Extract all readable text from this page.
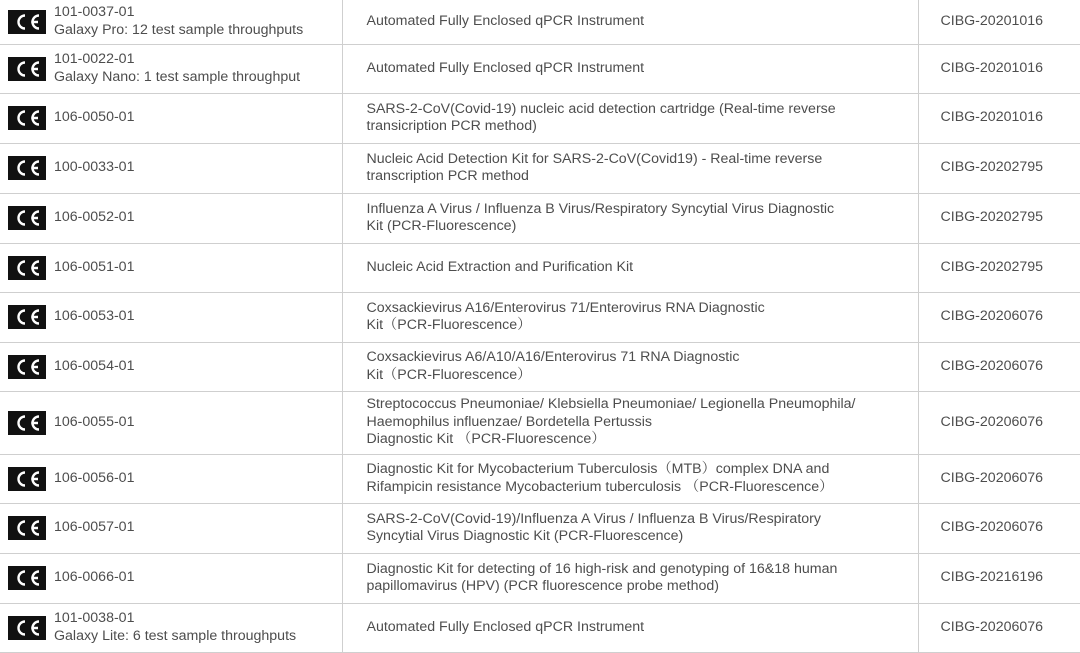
101-0037-01
Galaxy Pro: 12 test sample throughputs	Automated Fully Enclosed qPCR Instrument	CIBG-20201016

101-0022-01
Galaxy Nano: 1 test sample throughput	Automated Fully Enclosed qPCR Instrument	CIBG-20201016

106-0050-01	SARS-2-CoV(Covid-19) nucleic acid detection cartridge (Real-time reverse
transicription PCR method)	CIBG-20201016

100-0033-01	Nucleic Acid Detection Kit for SARS-2-CoV(Covid19) - Real-time reverse
transcription PCR method	CIBG-20202795

106-0052-01	Influenza A Virus / Influenza B Virus/Respiratory Syncytial Virus Diagnostic
Kit (PCR-Fluorescence)	CIBG-20202795

106-0051-01	Nucleic Acid Extraction and Purification Kit	CIBG-20202795

106-0053-01	Coxsackievirus A16/Enterovirus 71/Enterovirus RNA Diagnostic
Kit（PCR-Fluorescence）	CIBG-20206076

106-0054-01	Coxsackievirus A6/A10/A16/Enterovirus 71 RNA Diagnostic
Kit（PCR-Fluorescence）	CIBG-20206076

106-0055-01	Streptococcus Pneumoniae/ Klebsiella Pneumoniae/ Legionella Pneumophila/
Haemophilus influenzae/ Bordetella Pertussis
Diagnostic Kit （PCR-Fluorescence）	CIBG-20206076

106-0056-01	Diagnostic Kit for Mycobacterium Tuberculosis（MTB）complex DNA and
Rifampicin resistance Mycobacterium tuberculosis （PCR-Fluorescence）	CIBG-20206076

106-0057-01	SARS-2-CoV(Covid-19)/Influenza A Virus / Influenza B Virus/Respiratory
Syncytial Virus Diagnostic Kit (PCR-Fluorescence)	CIBG-20206076

106-0066-01	Diagnostic Kit for detecting of 16 high-risk and genotyping of 16&18 human
papillomavirus (HPV) (PCR fluorescence probe method)	CIBG-20216196

101-0038-01
Galaxy Lite: 6 test sample throughputs	Automated Fully Enclosed qPCR Instrument	CIBG-20206076
